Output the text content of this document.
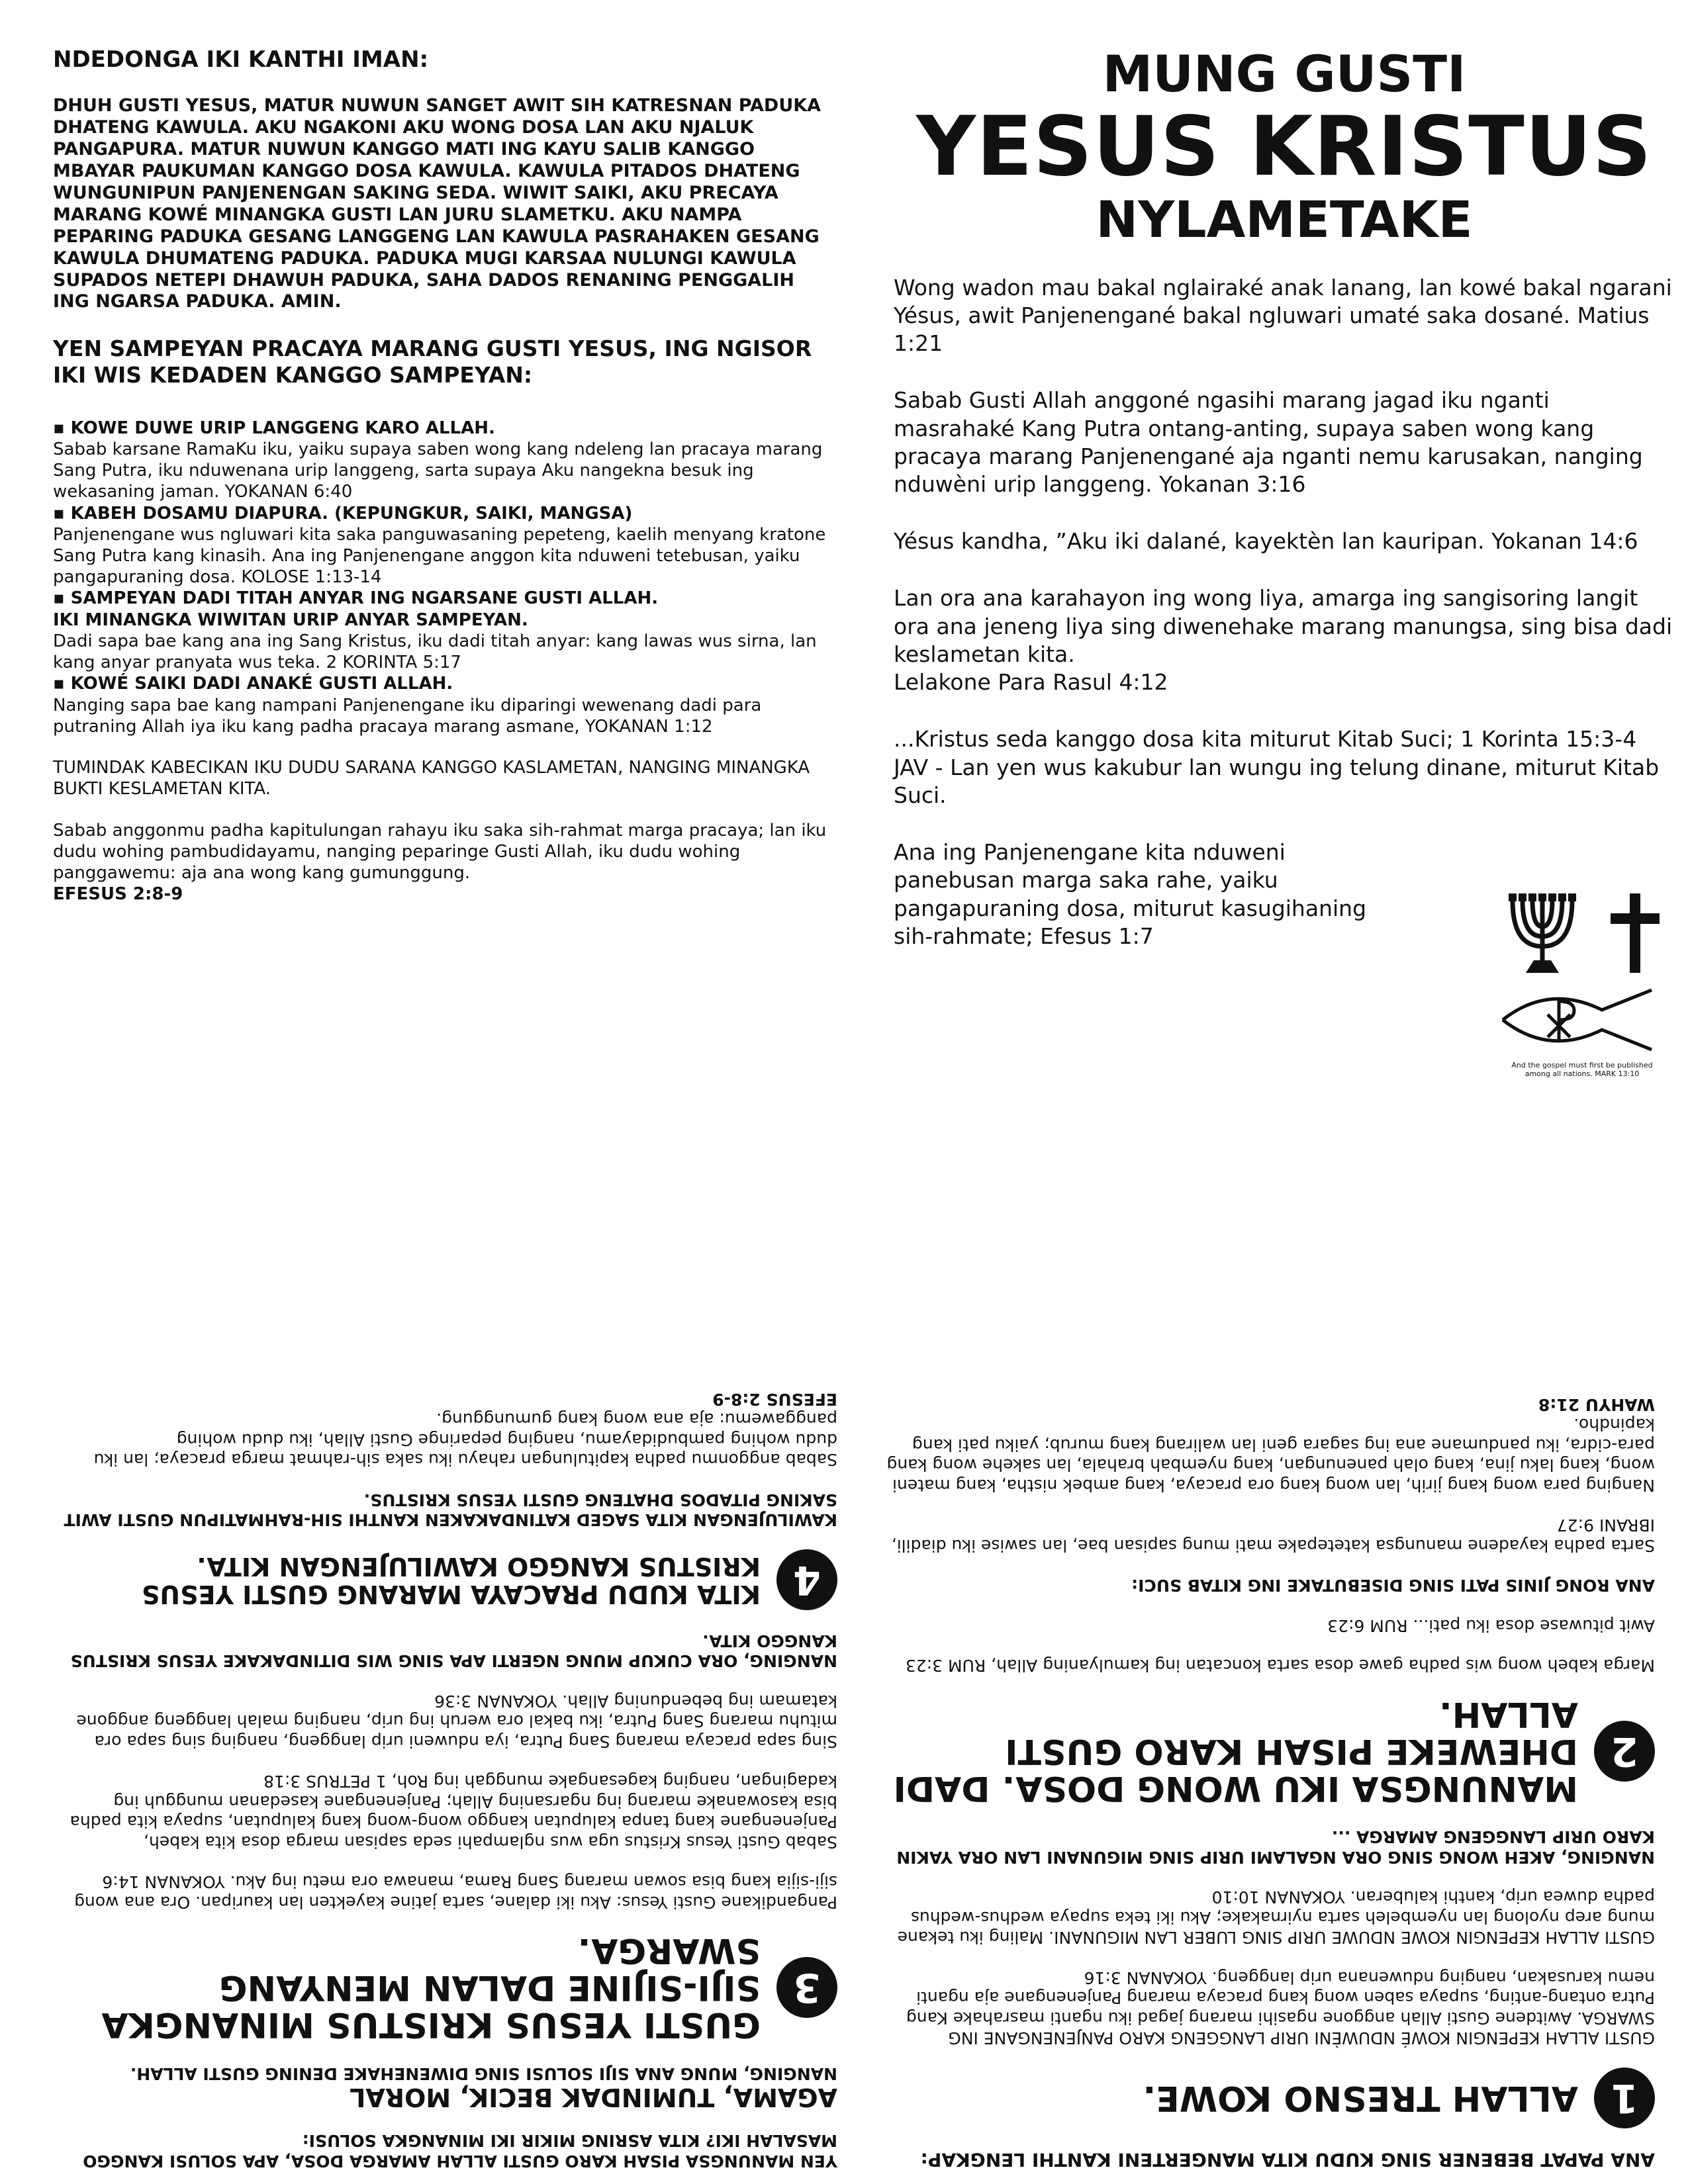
NDEDONGA IKI KANTHI IMAN:

DHUH GUSTI YESUS, MATUR NUWUN SANGET AWIT SIH KATRESNAN PADUKA DHATENG KAWULA. AKU NGAKONI AKU WONG DOSA LAN AKU NJALUK PANGAPURA. MATUR NUWUN KANGGO MATI ING KAYU SALIB KANGGO MBAYAR PAUKUMAN KANGGO DOSA KAWULA. KAWULA PITADOS DHATENG WUNGUNIPUN PANJENENGAN SAKING SEDA. WIWIT SAIKI, AKU PRECAYA MARANG KOWÉ MINANGKA GUSTI LAN JURU SLAMETKU. AKU NAMPA PEPARING PADUKA GESANG LANGGENG LAN KAWULA PASRAHAKEN GESANG KAWULA DHUMATENG PADUKA. PADUKA MUGI KARSAA NULUNGI KAWULA SUPADOS NETEPI DHAWUH PADUKA, SAHA DADOS RENANING PENGGALIH ING NGARSA PADUKA. AMIN.

YEN SAMPEYAN PRACAYA MARANG GUSTI YESUS, ING NGISOR IKI WIS KEDADEN KANGGO SAMPEYAN:

▪ KOWE DUWE URIP LANGGENG KARO ALLAH.

Sabab karsane RamaKu iku, yaiku supaya saben wong kang ndeleng lan pracaya marang Sang Putra, iku nduwenana urip langgeng, sarta supaya Aku nangekna besuk ing wekasaning jaman. YOKANAN 6:40

▪ KABEH DOSAMU DIAPURA. (KEPUNGKUR, SAIKI, MANGSA)

Panjenengane wus ngluwari kita saka panguwasaning pepeteng, kaelih menyang kratone Sang Putra kang kinasih. Ana ing Panjenengane anggon kita nduweni tetebusan, yaiku pangapuraning dosa. KOLOSE 1:13-14

▪ SAMPEYAN DADI TITAH ANYAR ING NGARSANE GUSTI ALLAH.

IKI MINANGKA WIWITAN URIP ANYAR SAMPEYAN.

Dadi sapa bae kang ana ing Sang Kristus, iku dadi titah anyar: kang lawas wus sirna, lan kang anyar pranyata wus teka. 2 KORINTA 5:17

▪ KOWÉ SAIKI DADI ANAKÉ GUSTI ALLAH.

Nanging sapa bae kang nampani Panjenengane iku diparingi wewenang dadi para putraning Allah iya iku kang padha pracaya marang asmane, YOKANAN 1:12

TUMINDAK KABECIKAN IKU DUDU SARANA KANGGO KASLAMETAN, NANGING MINANGKA BUKTI KESLAMETAN KITA.

Sabab anggonmu padha kapitulungan rahayu iku saka sih-rahmat marga pracaya; lan iku dudu wohing pambudidayamu, nanging peparinge Gusti Allah, iku dudu wohing panggawemu: aja ana wong kang gumunggung.

EFESUS 2:8-9

MUNG GUSTI

YESUS KRISTUS

NYLAMETAKE

Wong wadon mau bakal nglairaké anak lanang, lan kowé bakal ngarani Yésus, awit Panjenengané bakal ngluwari umaté saka dosané. Matius 1:21

Sabab Gusti Allah anggoné ngasihi marang jagad iku nganti masrahaké Kang Putra ontang-anting, supaya saben wong kang pracaya marang Panjenengané aja nganti nemu karusakan, nanging nduwèni urip langgeng. Yokanan 3:16

Yésus kandha, ”Aku iki dalané, kayektèn lan kauripan. Yokanan 14:6

Lan ora ana karahayon ing wong liya, amarga ing sangisoring langit ora ana jeneng liya sing diwenehake marang manungsa, sing bisa dadi keslametan kita.
Lelakone Para Rasul 4:12

...Kristus seda kanggo dosa kita miturut Kitab Suci; 1 Korinta 15:3-4 JAV - Lan yen wus kakubur lan wungu ing telung dinane, miturut Kitab Suci.

Ana ing Panjenengane kita nduweni panebusan marga saka rahe, yaiku pangapuraning dosa, miturut kasugihaning sih-rahmate; Efesus 1:7

And the gospel must first be published
among all nations. MARK 13:10

YEN MANUNGSA PISAH KARO GUSTI ALLAH AMARGA DOSA, APA SOLUSI KANGGO MASALAH IKI? KITA ASRING MIKIR IKI MINANGKA SOLUSI:

AGAMA, TUMINDAK BECIK, MORAL

NANGING, MUNG ANA SIJI SOLUSI SING DIWENEHAKE DENING GUSTI ALLAH.

3

GUSTI YESUS KRISTUS MINANGKA SIJI-SIJINE DALAN MENYANG SWARGA.

Pangandikane Gusti Yesus: Aku iki dalane, sarta jatine kayekten lan kauripan. Ora ana wong siji-sijia kang bisa sowan marang Sang Rama, manawa ora metu ing Aku. YOKANAN 14:6

Sabab Gusti Yesus Kristus uga wus nglampahi seda sapisan marga dosa kita kabeh, Panjenengane kang tanpa kaluputan kanggo wong-wong kang kaluputan, supaya kita padha bisa kasowanake marang ing ngarsaning Allah; Panjenengane kasedanan mungguh ing kadagingan, nanging kagesangake munggah ing Roh, 1 PETRUS 3:18

Sing sapa pracaya marang Sang Putra, iya nduweni urip langgeng, nanging sing sapa ora mituhu marang Sang Putra, iku bakal ora weruh ing urip, nanging malah langgeng anggone katamam ing bebenduning Allah. YOKANAN 3:36

NANGING, ORA CUKUP MUNG NGERTI APA SING WIS DITINDAKAKE YESUS KRISTUS KANGGO KITA.

4

KITA KUDU PRACAYA MARANG GUSTI YESUS KRISTUS KANGGO KAWILUJENGAN KITA.

KAWILUJENGAN KITA SAGED KATINDAKAKEN KANTHI SIH-RAHMATIPUN GUSTI AWIT SAKING PITADOS DHATENG GUSTI YESUS KRISTUS.

Sabab anggonmu padha kapitulungan rahayu iku saka sih-rahmat marga pracaya; lan iku dudu wohing pambudidayamu, nanging peparinge Gusti Allah, iku dudu wohing panggawemu: aja ana wong kang gumunggung.
EFESUS 2:8-9

ANA PAPAT BEBENER SING KUDU KITA MANGERTENI KANTHI LENGKAP:

1

ALLAH TRESNO KOWE.

GUSTI ALLAH KEPENGIN KOWÉ NDUWÈNI URIP LANGGENG KARO PANJENENGANE ING SWARGA. Awitdene Gusti Allah anggone ngasihi marang jagad iku nganti masrahake Kang Putra ontang-anting, supaya saben wong kang pracaya marang Panjenengane aja nganti nemu karusakan, nanging nduwenana urip langgeng. YOKANAN 3:16

GUSTI ALLAH KEPENGIN KOWE NDUWE URIP SING LUBER LAN MIGUNANI. Maling iku tekane mung arep nyolong lan nyembeleh sarta nyirnakake; Aku iki teka supaya wedhus-wedhus padha duwea urip, kanthi kaluberan. YOKANAN 10:10

NANGING, AKEH WONG SING ORA NGALAMI URIP SING MIGUNANI LAN ORA YAKIN KARO URIP LANGGENG AMARGA ...

2

MANUNGSA IKU WONG DOSA. DADI DHEWEKE PISAH KARO GUSTI ALLAH.

Marga kabeh wong wis padha gawe dosa sarta koncatan ing kamulyaning Allah, RUM 3:23

Awit pituwase dosa iku pati... RUM 6:23

ANA RONG JINIS PATI SING DISEBUTAKE ING KITAB SUCI:

Sarta padha kayadene manungsa katetepake mati mung sapisan bae, lan sawise iku diadili, IBRANI 9:27

Nanging para wong kang jirih, lan wong kang ora pracaya, kang ambek nistha, kang mateni wong, kang laku jina, kang olah panenungan, kang nyembah brahala, lan sakehe wong kang para-cidra, iku pandumane ana ing sagara geni lan walirang kang murub; yaiku pati kang kapindho.
WAHYU 21:8
